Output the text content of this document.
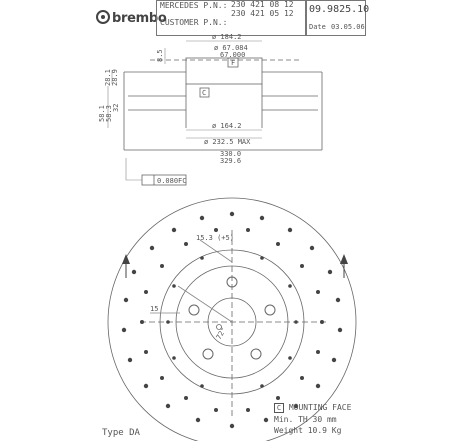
brembo
MERCEDES P.N.: 230 421 08 12
230 421 05 12
CUSTOMER P.N.:
09.9825.10
Date 03.05.06
ø 184.2
ø 67.084
67.000
ø 164.2
ø 232.5 MAX
330.0
329.6
8.5
28.1 28.9
58.1 58.3 32
0.080 FC
C
F
15.3 (+5)
15
72°
C MOUNTING FACE
Min. TH 30 mm
Weight 10.9 Kg
Type DA
